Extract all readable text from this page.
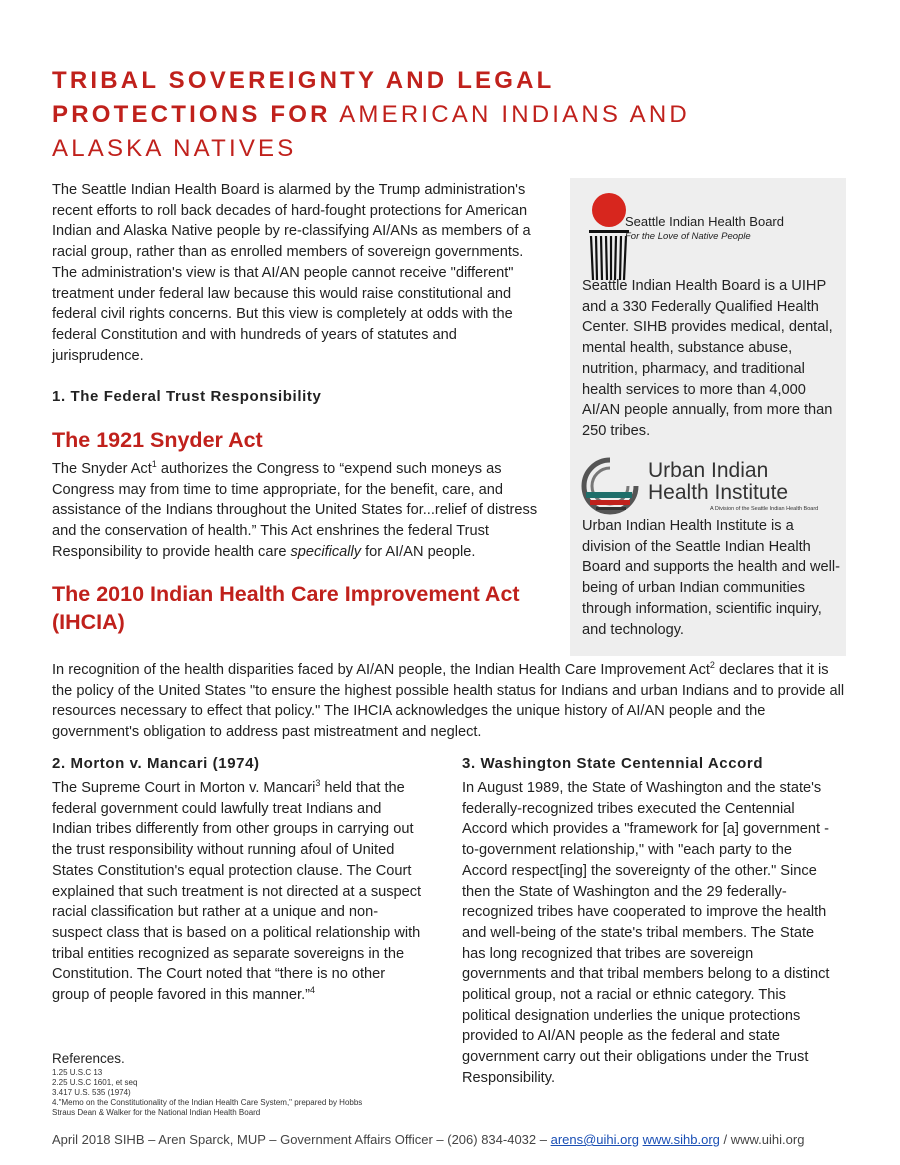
TRIBAL SOVEREIGNTY AND LEGAL PROTECTIONS FOR AMERICAN INDIANS AND ALASKA NATIVES

The Seattle Indian Health Board is alarmed by the Trump administration's recent efforts to roll back decades of hard-fought protections for American Indian and Alaska Native people by re-classifying AI/ANs as members of a racial group, rather than as enrolled members of sovereign governments. The administration's view is that AI/AN people cannot receive "different" treatment under federal law because this would raise constitutional and federal civil rights concerns. But this view is completely at odds with the federal Constitution and with hundreds of years of statutes and jurisprudence.

1. The Federal Trust Responsibility
The 1921 Snyder Act

The Snyder Act$^1$ authorizes the Congress to “expend such moneys as Congress may from time to time appropriate, for the benefit, care, and assistance of the Indians throughout the United States for...relief of distress and the conservation of health.” This Act enshrines the federal Trust Responsibility to provide health care specifically for AI/AN people.

The 2010 Indian Health Care Improvement Act (IHCIA)

In recognition of the health disparities faced by AI/AN people, the Indian Health Care Improvement Act$^2$ declares that it is the policy of the United States "to ensure the highest possible health status for Indians and urban Indians and to provide all resources necessary to effect that policy." The IHCIA acknowledges the unique history of AI/AN people and the government's obligation to address past mistreatment and neglect.

Seattle Indian Health Board

For the Love of Native People

Seattle Indian Health Board is a UIHP and a 330 Federally Qualified Health Center. SIHB provides medical, dental, mental health, substance abuse, nutrition, pharmacy, and traditional health services to more than 4,000 AI/AN people annually, from more than 250 tribes.

Urban Indian

Health Institute

A Division of the Seattle Indian Health Board

Urban Indian Health Institute is a division of the Seattle Indian Health Board and supports the health and well-being of urban Indian communities through information, scientific inquiry, and technology.

2. Morton v. Mancari (1974)

The Supreme Court in Morton v. Mancari$^3$ held that the federal government could lawfully treat Indians and Indian tribes differently from other groups in carrying out the trust responsibility without running afoul of United States Constitution's equal protection clause. The Court explained that such treatment is not directed at a suspect racial classification but rather at a unique and non-suspect class that is based on a political relationship with tribal entities recognized as separate sovereigns in the Constitution. The Court noted that “there is no other group of people favored in this manner.”$^4$

3. Washington State Centennial Accord

In August 1989, the State of Washington and the state's federally-recognized tribes executed the Centennial Accord which provides a "framework for [a] government -to-government relationship," with "each party to the Accord respect[ing] the sovereignty of the other." Since then the State of Washington and the 29 federally-recognized tribes have cooperated to improve the health and well-being of the state's tribal members. The State has long recognized that tribes are sovereign governments and that tribal members belong to a distinct political group, not a racial or ethnic category. This political designation underlies the unique protections provided to AI/AN people as the federal and state government carry out their obligations under the Trust Responsibility.

References.

1.25 U.S.C 13

2.25 U.S.C 1601, et seq

3.417 U.S. 535 (1974)

4."Memo on the Constitutionality of the Indian Health Care System," prepared by Hobbs

Straus Dean & Walker for the National Indian Health Board

April 2018 SIHB – Aren Sparck, MUP – Government Affairs Officer – (206) 834-4032 – arens@uihi.org www.sihb.org / www.uihi.org
